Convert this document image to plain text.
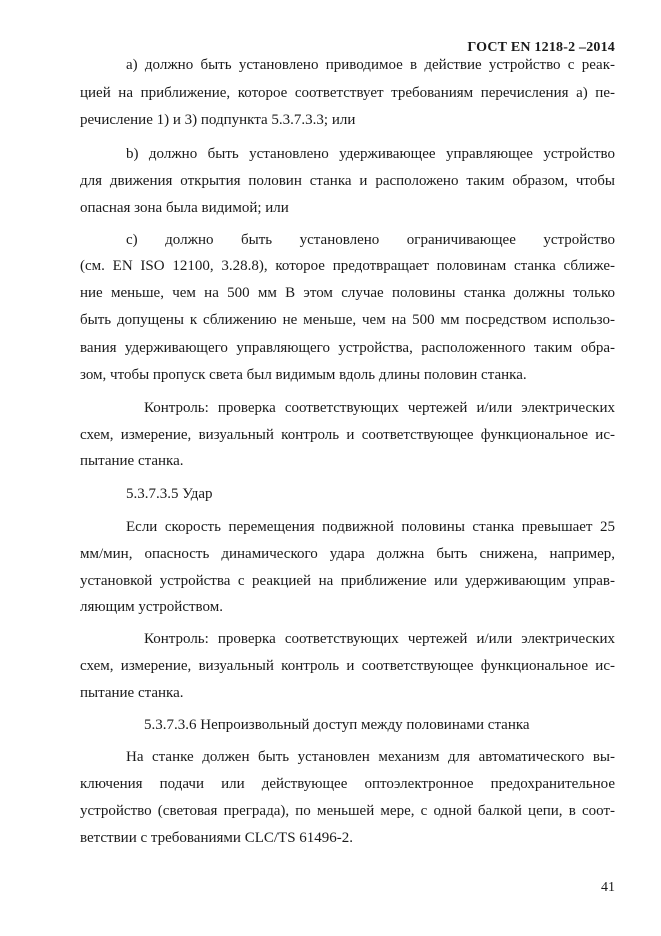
ГОСТ EN 1218-2 –2014
a) должно быть установлено приводимое в действие устройство с реак-
цией на приближение, которое соответствует требованиям перечисления а) пе-
речисление 1) и 3) подпункта 5.3.7.3.3; или
b) должно быть установлено удерживающее управляющее устройство
для движения открытия половин станка и расположено таким образом, чтобы
опасная зона была видимой; или
c) должно быть установлено ограничивающее устройство
(см. EN ISO 12100, 3.28.8), которое предотвращает половинам станка сближе-
ние меньше, чем на 500 мм В этом случае половины станка должны только
быть допущены к сближению не меньше, чем на 500 мм посредством использо-
вания удерживающего управляющего устройства, расположенного таким обра-
зом, чтобы пропуск света был видимым вдоль длины половин станка.
Контроль: проверка соответствующих чертежей и/или электрических
схем, измерение, визуальный контроль и соответствующее функциональное ис-
пытание станка.
5.3.7.3.5 Удар
Если скорость перемещения подвижной половины станка превышает 25
мм/мин, опасность динамического удара должна быть снижена, например,
установкой устройства с реакцией на приближение или удерживающим управ-
ляющим устройством.
Контроль: проверка соответствующих чертежей и/или электрических
схем, измерение, визуальный контроль и соответствующее функциональное ис-
пытание станка.
5.3.7.3.6 Непроизвольный доступ между половинами станка
На станке должен быть установлен механизм для автоматического вы-
ключения подачи или действующее оптоэлектронное предохранительное
устройство (световая преграда), по меньшей мере, с одной балкой цепи, в соот-
ветствии с требованиями CLC/TS 61496-2.
41
